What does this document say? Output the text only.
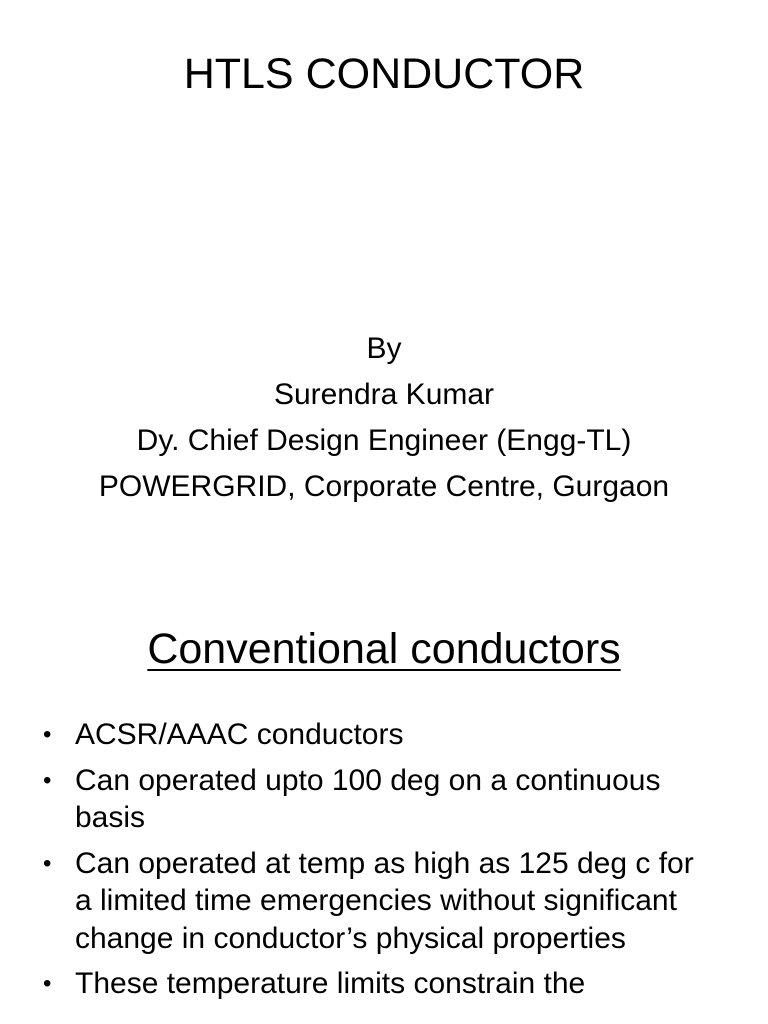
HTLS CONDUCTOR
By
Surendra Kumar
Dy. Chief Design Engineer (Engg-TL)
POWERGRID, Corporate Centre, Gurgaon
Conventional conductors
• ACSR/AAAC conductors
• Can operated upto 100 deg on a continuous basis
• Can operated at temp as high as 125 deg c for a limited time emergencies without significant change in conductor’s physical properties
• These temperature limits constrain the
